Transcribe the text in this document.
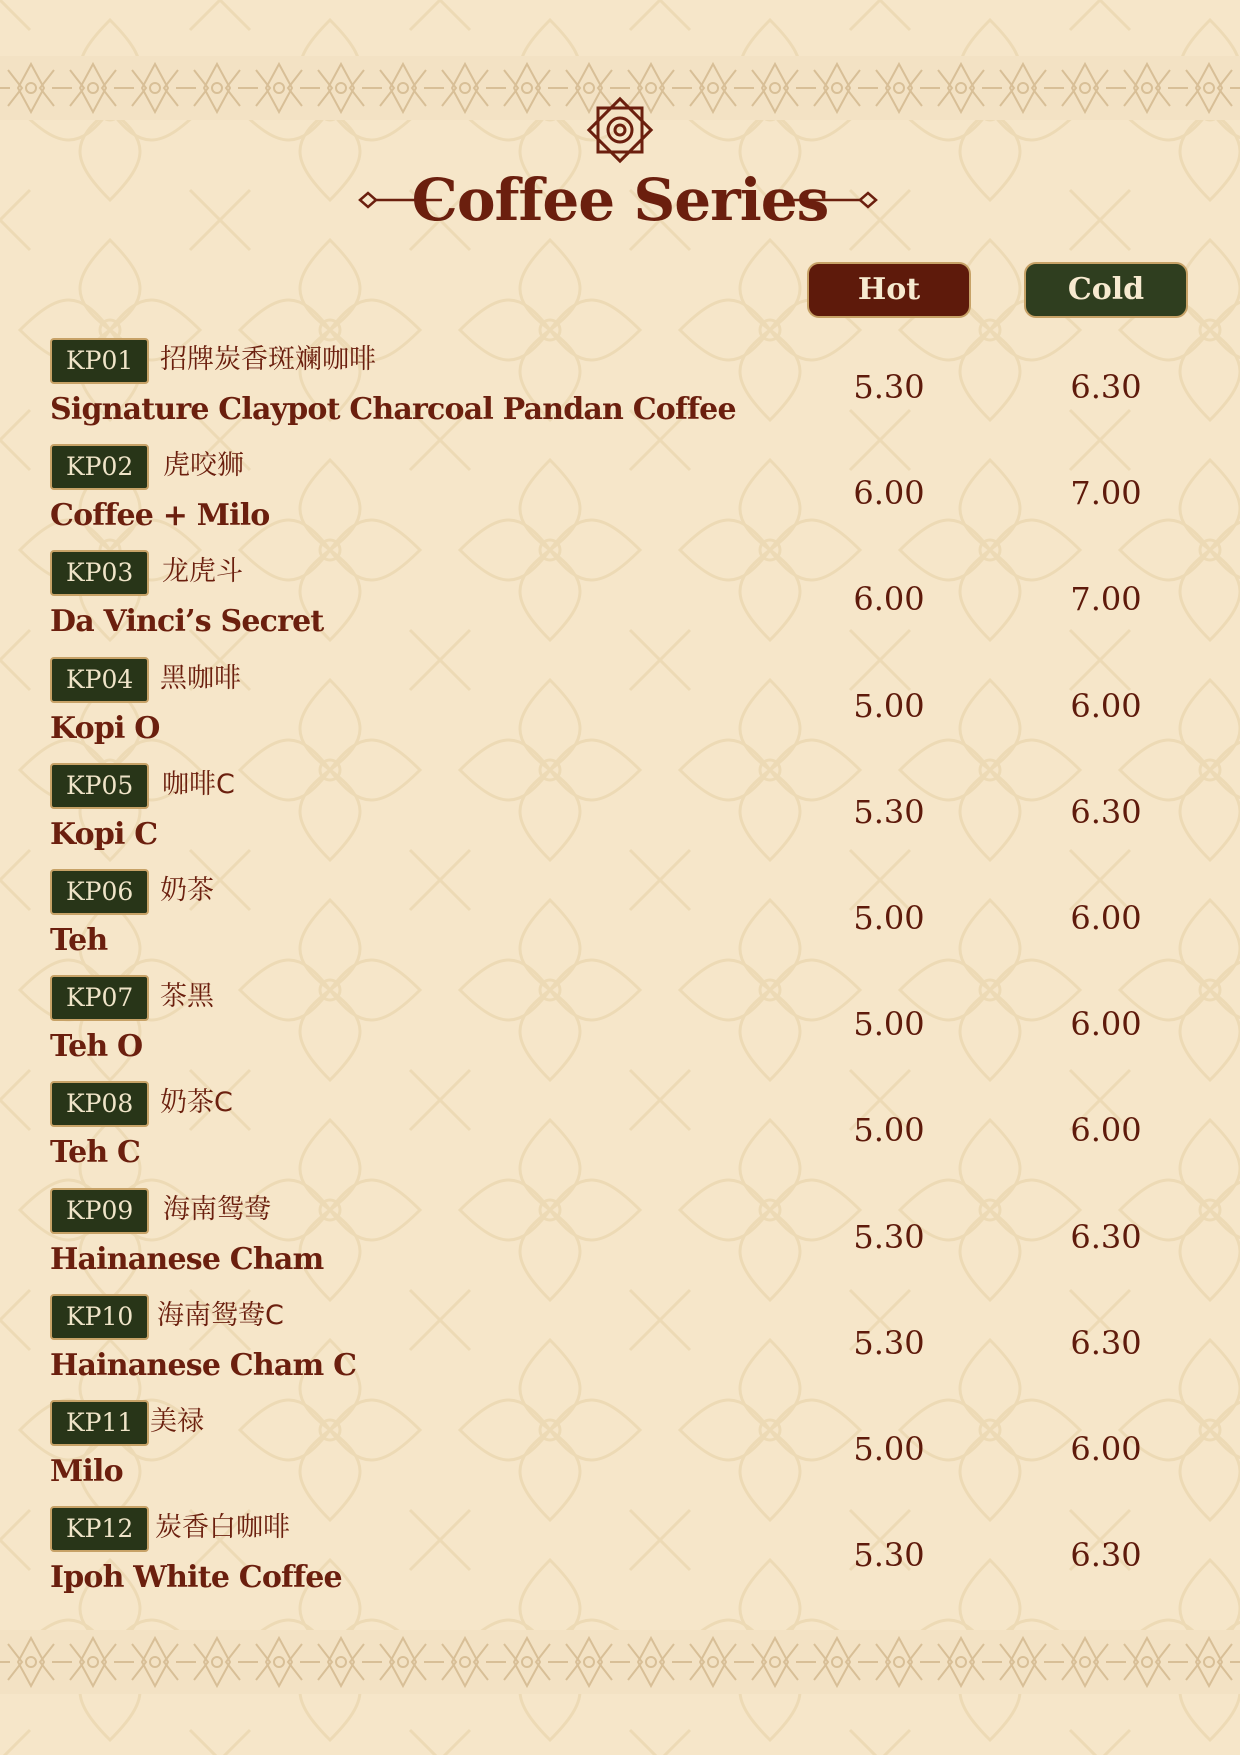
Coffee Series
Hot	Cold
KP01 招牌炭香斑斓咖啡
Signature Claypot Charcoal Pandan Coffee
5.30	6.30
KP02	虎咬狮
Coffee + Milo
6.00	7.00
KP03	龙虎斗
Da Vinci’s Secret
6.00	7.00
KP04 黑咖啡
Kopi O
5.00	6.00
KP05	咖啡C
Kopi C
5.30	6.30
KP06 奶茶
Teh
5.00	6.00
KP07 茶黑
Teh O
5.00	6.00
KP08 奶茶C
Teh C
5.00	6.00
KP09	海南鸳鸯
Hainanese Cham
5.30	6.30
KP10 海南鸳鸯C
Hainanese Cham C
5.30	6.30
KP11 美禄
Milo
5.00	6.00
KP12 炭香白咖啡
Ipoh White Coffee
5.30	6.30
